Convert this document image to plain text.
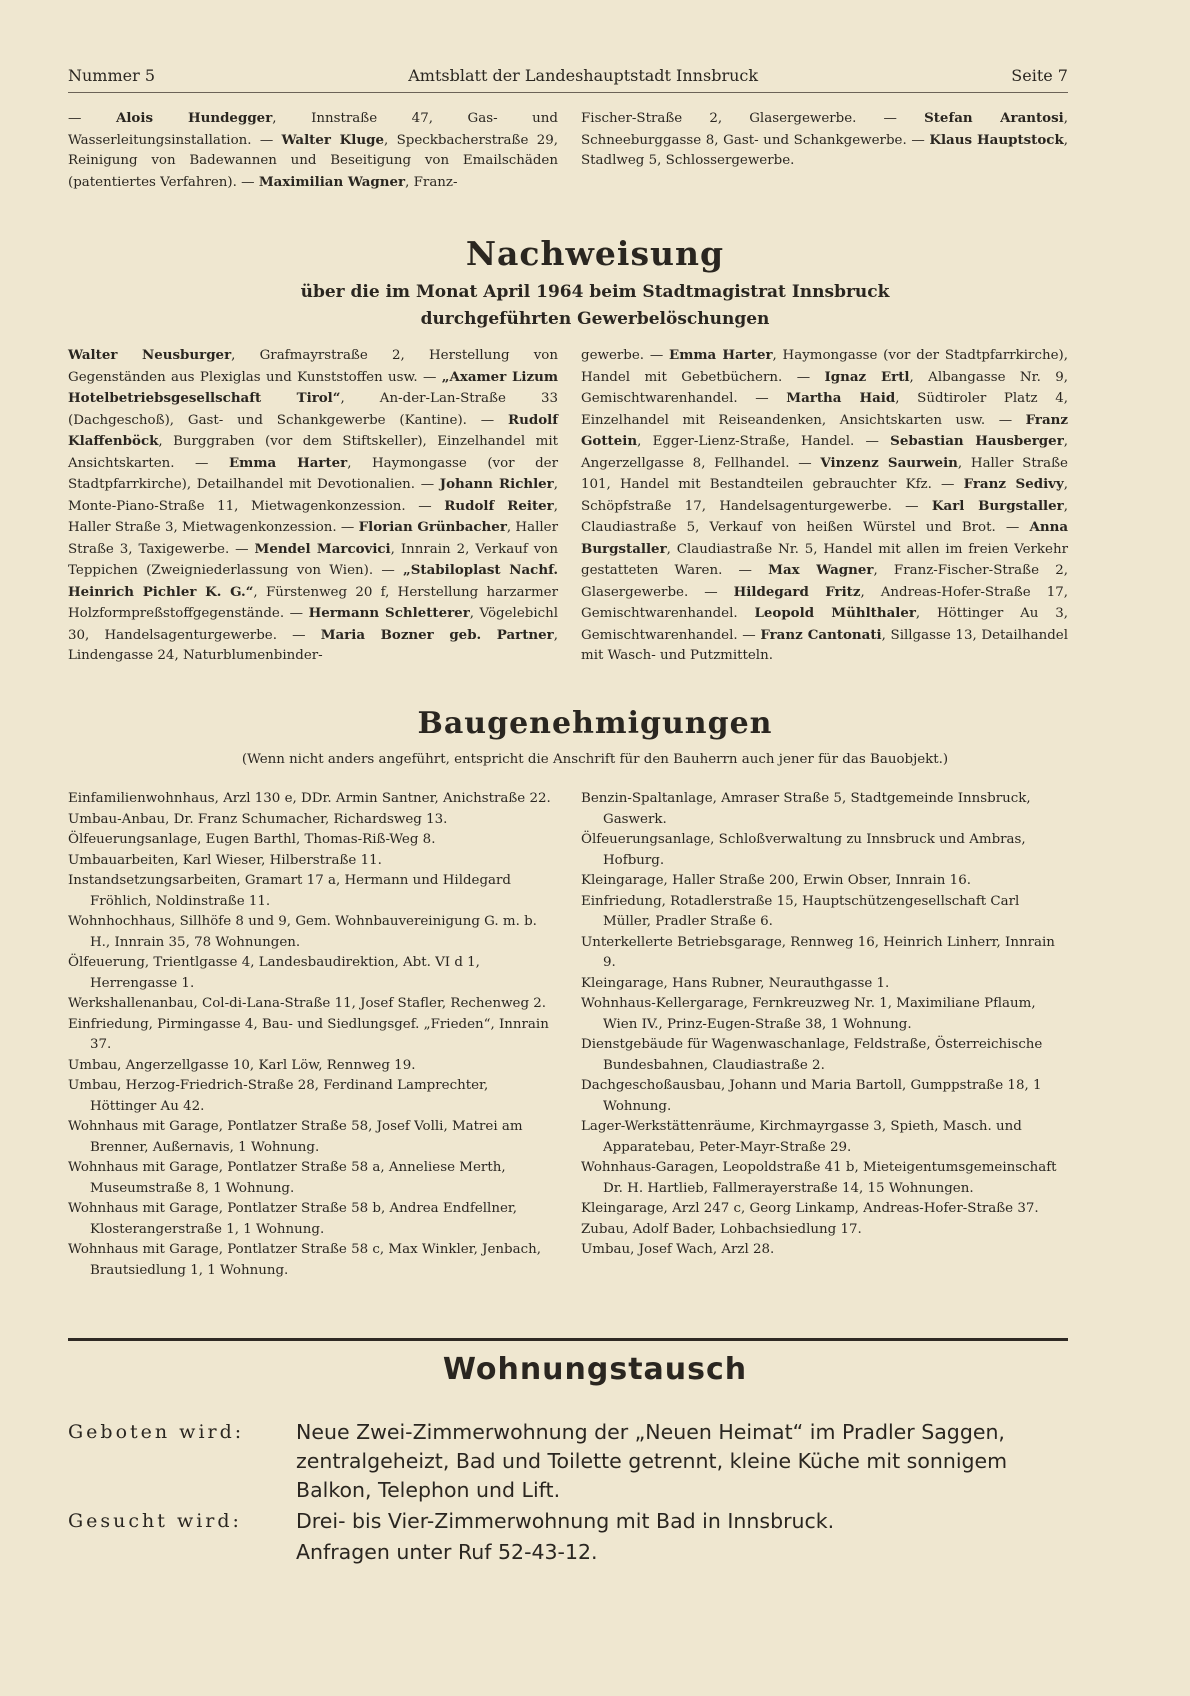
Nummer 5	Amtsblatt der Landeshauptstadt Innsbruck	Seite 7
— Alois Hundegger, Innstraße 47, Gas- und Wasserleitungsinstallation. — Walter Kluge, Speckbacherstraße 29, Reinigung von Badewannen und Beseitigung von Emailschäden (patentiertes Verfahren). — Maximilian Wagner, Franz-
Fischer-Straße 2, Glasergewerbe. — Stefan Arantosi, Schneeburggasse 8, Gast- und Schankgewerbe. — Klaus Hauptstock, Stadlweg 5, Schlossergewerbe.
Nachweisung
über die im Monat April 1964 beim Stadtmagistrat Innsbruck
durchgeführten Gewerbelöschungen
Walter Neusburger, Grafmayrstraße 2, Herstellung von Gegenständen aus Plexiglas und Kunststoffen usw. — „Axamer Lizum Hotelbetriebsgesellschaft Tirol“, An-der-Lan-Straße 33 (Dachgeschoß), Gast- und Schankgewerbe (Kantine). — Rudolf Klaffenböck, Burggraben (vor dem Stiftskeller), Einzelhandel mit Ansichtskarten. — Emma Harter, Haymongasse (vor der Stadtpfarrkirche), Detailhandel mit Devotionalien. — Johann Richler, Monte-Piano-Straße 11, Mietwagenkonzession. — Rudolf Reiter, Haller Straße 3, Mietwagenkonzession. — Florian Grünbacher, Haller Straße 3, Taxigewerbe. — Mendel Marcovici, Innrain 2, Verkauf von Teppichen (Zweigniederlassung von Wien). — „Stabiloplast Nachf. Heinrich Pichler K. G.“, Fürstenweg 20 f, Herstellung harzarmer Holzformpreßstoffgegenstände. — Hermann Schletterer, Vögelebichl 30, Handelsagenturgewerbe. — Maria Bozner geb. Partner, Lindengasse 24, Naturblumenbinder-
gewerbe. — Emma Harter, Haymongasse (vor der Stadtpfarrkirche), Handel mit Gebetbüchern. — Ignaz Ertl, Albangasse Nr. 9, Gemischtwarenhandel. — Martha Haid, Südtiroler Platz 4, Einzelhandel mit Reiseandenken, Ansichtskarten usw. — Franz Gottein, Egger-Lienz-Straße, Handel. — Sebastian Hausberger, Angerzellgasse 8, Fellhandel. — Vinzenz Saurwein, Haller Straße 101, Handel mit Bestandteilen gebrauchter Kfz. — Franz Sedivy, Schöpfstraße 17, Handelsagenturgewerbe. — Karl Burgstaller, Claudiastraße 5, Verkauf von heißen Würstel und Brot. — Anna Burgstaller, Claudiastraße Nr. 5, Handel mit allen im freien Verkehr gestatteten Waren. — Max Wagner, Franz-Fischer-Straße 2, Glasergewerbe. — Hildegard Fritz, Andreas-Hofer-Straße 17, Gemischtwarenhandel. Leopold Mühlthaler, Höttinger Au 3, Gemischtwarenhandel. — Franz Cantonati, Sillgasse 13, Detailhandel mit Wasch- und Putzmitteln.
Baugenehmigungen
(Wenn nicht anders angeführt, entspricht die Anschrift für den Bauherrn auch jener für das Bauobjekt.)
Einfamilienwohnhaus, Arzl 130 e, DDr. Armin Santner, Anichstraße 22.
Umbau-Anbau, Dr. Franz Schumacher, Richardsweg 13.
Ölfeuerungsanlage, Eugen Barthl, Thomas-Riß-Weg 8.
Umbauarbeiten, Karl Wieser, Hilberstraße 11.
Instandsetzungsarbeiten, Gramart 17 a, Hermann und Hildegard Fröhlich, Noldinstraße 11.
Wohnhochhaus, Sillhöfe 8 und 9, Gem. Wohnbauvereinigung G. m. b. H., Innrain 35, 78 Wohnungen.
Ölfeuerung, Trientlgasse 4, Landesbaudirektion, Abt. VI d 1, Herrengasse 1.
Werkshallenanbau, Col-di-Lana-Straße 11, Josef Stafler, Rechenweg 2.
Einfriedung, Pirmingasse 4, Bau- und Siedlungsgef. „Frieden“, Innrain 37.
Umbau, Angerzellgasse 10, Karl Löw, Rennweg 19.
Umbau, Herzog-Friedrich-Straße 28, Ferdinand Lamprechter, Höttinger Au 42.
Wohnhaus mit Garage, Pontlatzer Straße 58, Josef Volli, Matrei am Brenner, Außernavis, 1 Wohnung.
Wohnhaus mit Garage, Pontlatzer Straße 58 a, Anneliese Merth, Museumstraße 8, 1 Wohnung.
Wohnhaus mit Garage, Pontlatzer Straße 58 b, Andrea Endfellner, Klosterangerstraße 1, 1 Wohnung.
Wohnhaus mit Garage, Pontlatzer Straße 58 c, Max Winkler, Jenbach, Brautsiedlung 1, 1 Wohnung.
Benzin-Spaltanlage, Amraser Straße 5, Stadtgemeinde Innsbruck, Gaswerk.
Ölfeuerungsanlage, Schloßverwaltung zu Innsbruck und Ambras, Hofburg.
Kleingarage, Haller Straße 200, Erwin Obser, Innrain 16.
Einfriedung, Rotadlerstraße 15, Hauptschützengesellschaft Carl Müller, Pradler Straße 6.
Unterkellerte Betriebsgarage, Rennweg 16, Heinrich Linherr, Innrain 9.
Kleingarage, Hans Rubner, Neurauthgasse 1.
Wohnhaus-Kellergarage, Fernkreuzweg Nr. 1, Maximiliane Pflaum, Wien IV., Prinz-Eugen-Straße 38, 1 Wohnung.
Dienstgebäude für Wagenwaschanlage, Feldstraße, Österreichische Bundesbahnen, Claudiastraße 2.
Dachgeschoßausbau, Johann und Maria Bartoll, Gumppstraße 18, 1 Wohnung.
Lager-Werkstättenräume, Kirchmayrgasse 3, Spieth, Masch. und Apparatebau, Peter-Mayr-Straße 29.
Wohnhaus-Garagen, Leopoldstraße 41 b, Mieteigentumsgemeinschaft Dr. H. Hartlieb, Fallmerayerstraße 14, 15 Wohnungen.
Kleingarage, Arzl 247 c, Georg Linkamp, Andreas-Hofer-Straße 37.
Zubau, Adolf Bader, Lohbachsiedlung 17.
Umbau, Josef Wach, Arzl 28.
Wohnungstausch
Geboten wird:	Neue Zwei-Zimmerwohnung der „Neuen Heimat“ im Pradler Saggen, zentralgeheizt, Bad und Toilette getrennt, kleine Küche mit sonnigem Balkon, Telephon und Lift.
Gesucht wird:	Drei- bis Vier-Zimmerwohnung mit Bad in Innsbruck.
Anfragen unter Ruf 52-43-12.
